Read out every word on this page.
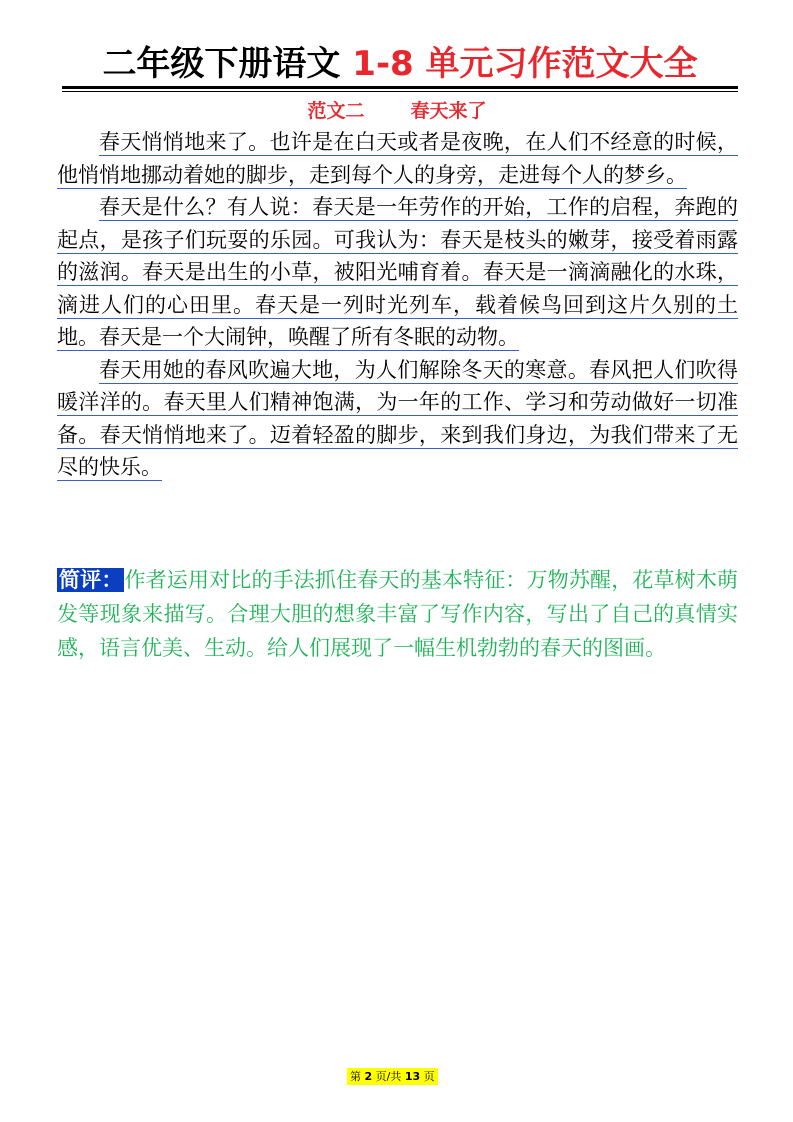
二年级下册语文 1-8 单元习作范文大全
范文二 春天来了

春天悄悄地来了。也许是在白天或者是夜晚，在人们不经意的时候，他悄悄地挪动着她的脚步，走到每个人的身旁，走进每个人的梦乡。

春天是什么？有人说：春天是一年劳作的开始，工作的启程，奔跑的起点，是孩子们玩耍的乐园。可我认为：春天是枝头的嫩芽，接受着雨露的滋润。春天是出生的小草，被阳光哺育着。春天是一滴滴融化的水珠，滴进人们的心田里。春天是一列时光列车，载着候鸟回到这片久别的土地。春天是一个大闹钟，唤醒了所有冬眠的动物。

春天用她的春风吹遍大地，为人们解除冬天的寒意。春风把人们吹得暖洋洋的。春天里人们精神饱满，为一年的工作、学习和劳动做好一切准备。春天悄悄地来了。迈着轻盈的脚步，来到我们身边，为我们带来了无尽的快乐。

简评：作者运用对比的手法抓住春天的基本特征：万物苏醒，花草树木萌发等现象来描写。合理大胆的想象丰富了写作内容，写出了自己的真情实感，语言优美、生动。给人们展现了一幅生机勃勃的春天的图画。
第 2 页/共 13 页
